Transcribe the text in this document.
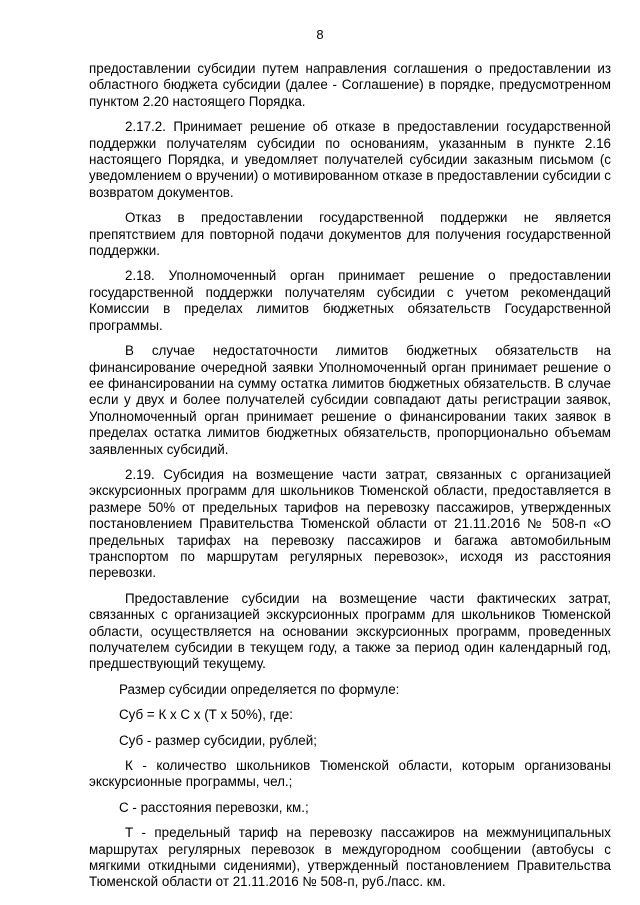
8

предоставлении субсидии путем направления соглашения о предоставлении из областного бюджета субсидии (далее - Соглашение) в порядке, предусмотренном пунктом 2.20 настоящего Порядка.

2.17.2. Принимает решение об отказе в предоставлении государственной поддержки получателям субсидии по основаниям, указанным в пункте 2.16 настоящего Порядка, и уведомляет получателей субсидии заказным письмом (с уведомлением о вручении) о мотивированном отказе в предоставлении субсидии с возвратом документов.

Отказ в предоставлении государственной поддержки не является препятствием для повторной подачи документов для получения государственной поддержки.

2.18. Уполномоченный орган принимает решение о предоставлении государственной поддержки получателям субсидии с учетом рекомендаций Комиссии в пределах лимитов бюджетных обязательств Государственной программы.

В случае недостаточности лимитов бюджетных обязательств на финансирование очередной заявки Уполномоченный орган принимает решение о ее финансировании на сумму остатка лимитов бюджетных обязательств. В случае если у двух и более получателей субсидии совпадают даты регистрации заявок, Уполномоченный орган принимает решение о финансировании таких заявок в пределах остатка лимитов бюджетных обязательств, пропорционально объемам заявленных субсидий.

2.19. Субсидия на возмещение части затрат, связанных с организацией экскурсионных программ для школьников Тюменской области, предоставляется в размере 50% от предельных тарифов на перевозку пассажиров, утвержденных постановлением Правительства Тюменской области от 21.11.2016 № 508-п «О предельных тарифах на перевозку пассажиров и багажа автомобильным транспортом по маршрутам регулярных перевозок», исходя из расстояния перевозки.

Предоставление субсидии на возмещение части фактических затрат, связанных с организацией экскурсионных программ для школьников Тюменской области, осуществляется на основании экскурсионных программ, проведенных получателем субсидии в текущем году, а также за период один календарный год, предшествующий текущему.

Размер субсидии определяется по формуле:

Суб = К х С х (Т х 50%), где:

Суб - размер субсидии, рублей;

К - количество школьников Тюменской области, которым организованы экскурсионные программы, чел.;

С - расстояния перевозки, км.;

Т - предельный тариф на перевозку пассажиров на межмуниципальных маршрутах регулярных перевозок в междугородном сообщении (автобусы с мягкими откидными сидениями), утвержденный постановлением Правительства Тюменской области от 21.11.2016 № 508-п, руб./пасс. км.
